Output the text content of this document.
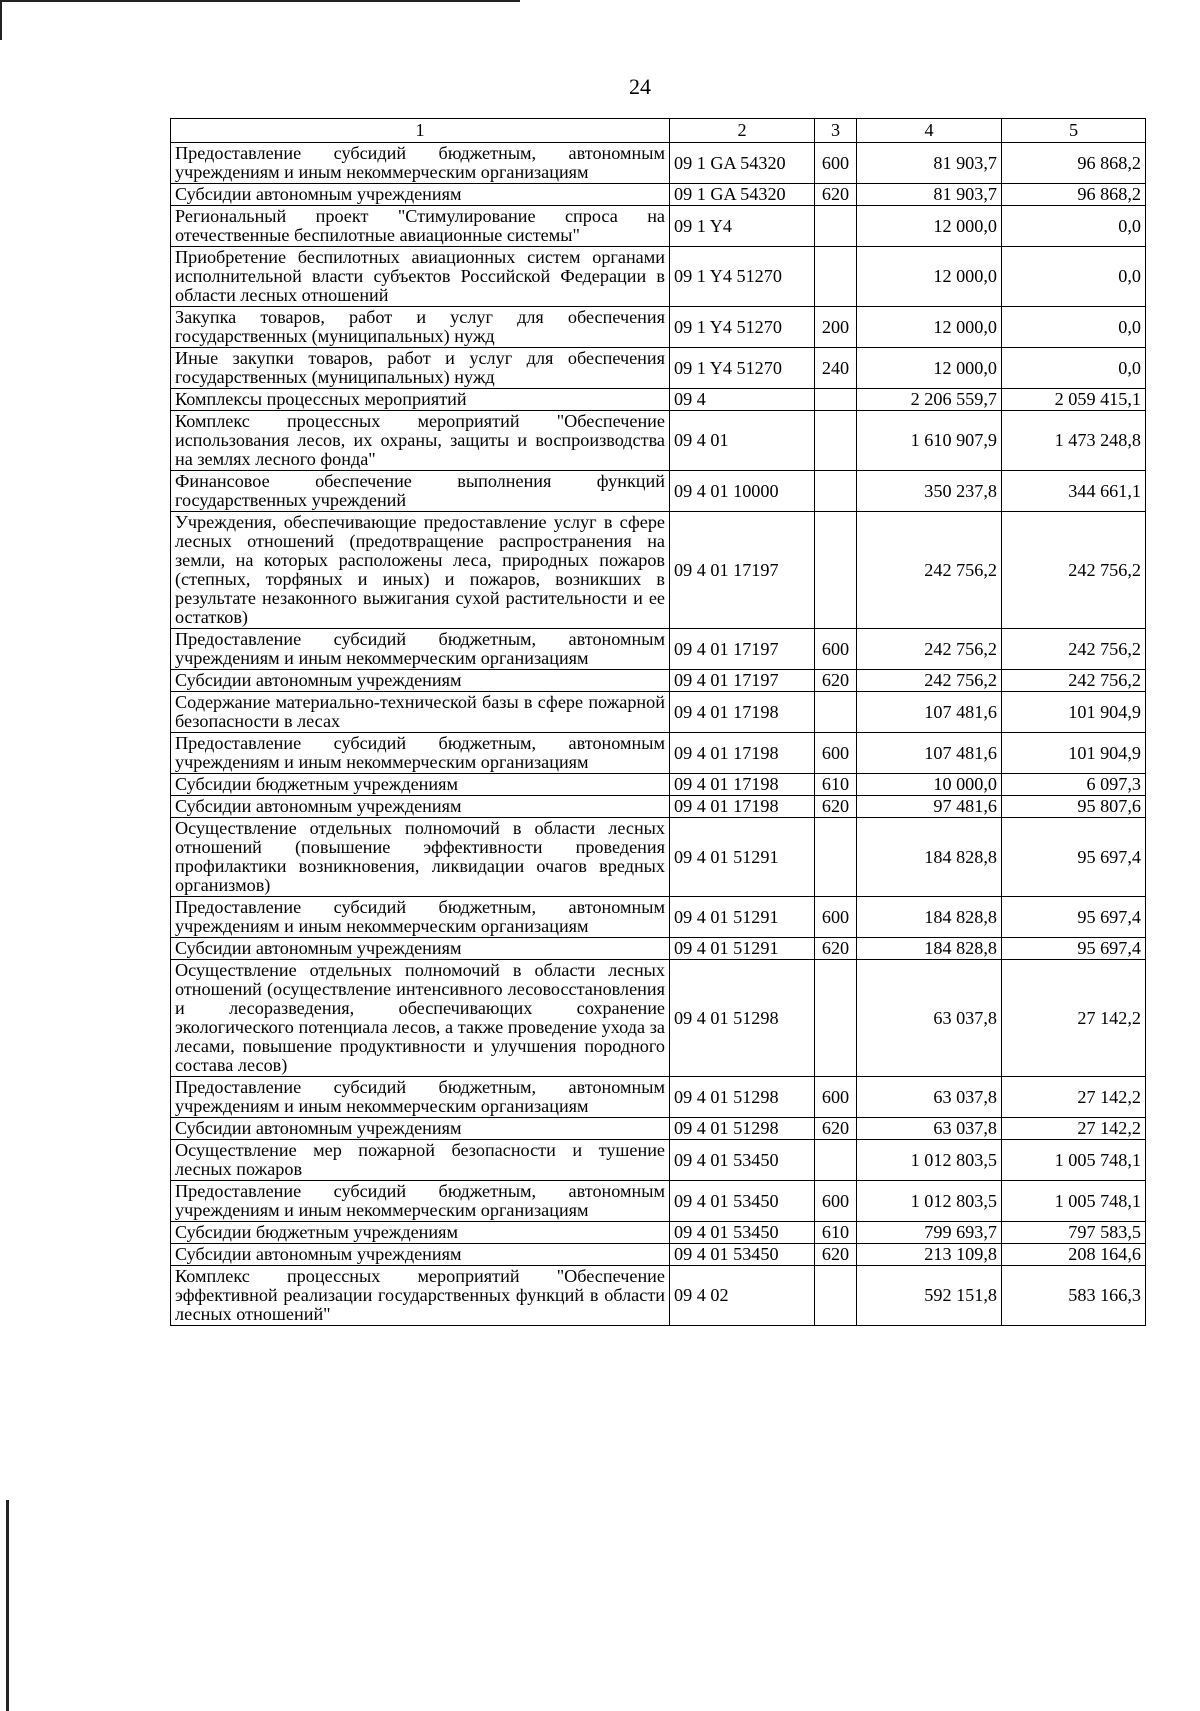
24
1	2	3	4	5
Предоставление субсидий бюджетным, автономным учреждениям и иным некоммерческим организациям	09 1 GA 54320	600	81 903,7	96 868,2
Субсидии автономным учреждениям	09 1 GA 54320	620	81 903,7	96 868,2
Региональный проект "Стимулирование спроса на отечественные беспилотные авиационные системы"	09 1 Y4		12 000,0	0,0
Приобретение беспилотных авиационных систем органами исполнительной власти субъектов Российской Федерации в области лесных отношений	09 1 Y4 51270		12 000,0	0,0
Закупка товаров, работ и услуг для обеспечения государственных (муниципальных) нужд	09 1 Y4 51270	200	12 000,0	0,0
Иные закупки товаров, работ и услуг для обеспечения государственных (муниципальных) нужд	09 1 Y4 51270	240	12 000,0	0,0
Комплексы процессных мероприятий	09 4		2 206 559,7	2 059 415,1
Комплекс процессных мероприятий "Обеспечение использования лесов, их охраны, защиты и воспроизводства на землях лесного фонда"	09 4 01		1 610 907,9	1 473 248,8
Финансовое обеспечение выполнения функций государственных учреждений	09 4 01 10000		350 237,8	344 661,1
Учреждения, обеспечивающие предоставление услуг в сфере лесных отношений (предотвращение распространения на земли, на которых расположены леса, природных пожаров (степных, торфяных и иных) и пожаров, возникших в результате незаконного выжигания сухой растительности и ее остатков)	09 4 01 17197		242 756,2	242 756,2
Предоставление субсидий бюджетным, автономным учреждениям и иным некоммерческим организациям	09 4 01 17197	600	242 756,2	242 756,2
Субсидии автономным учреждениям	09 4 01 17197	620	242 756,2	242 756,2
Содержание материально-технической базы в сфере пожарной безопасности в лесах	09 4 01 17198		107 481,6	101 904,9
Предоставление субсидий бюджетным, автономным учреждениям и иным некоммерческим организациям	09 4 01 17198	600	107 481,6	101 904,9
Субсидии бюджетным учреждениям	09 4 01 17198	610	10 000,0	6 097,3
Субсидии автономным учреждениям	09 4 01 17198	620	97 481,6	95 807,6
Осуществление отдельных полномочий в области лесных отношений (повышение эффективности проведения профилактики возникновения, ликвидации очагов вредных организмов)	09 4 01 51291		184 828,8	95 697,4
Предоставление субсидий бюджетным, автономным учреждениям и иным некоммерческим организациям	09 4 01 51291	600	184 828,8	95 697,4
Субсидии автономным учреждениям	09 4 01 51291	620	184 828,8	95 697,4
Осуществление отдельных полномочий в области лесных отношений (осуществление интенсивного лесовосстановления и лесоразведения, обеспечивающих сохранение экологического потенциала лесов, а также проведение ухода за лесами, повышение продуктивности и улучшения породного состава лесов)	09 4 01 51298		63 037,8	27 142,2
Предоставление субсидий бюджетным, автономным учреждениям и иным некоммерческим организациям	09 4 01 51298	600	63 037,8	27 142,2
Субсидии автономным учреждениям	09 4 01 51298	620	63 037,8	27 142,2
Осуществление мер пожарной безопасности и тушение лесных пожаров	09 4 01 53450		1 012 803,5	1 005 748,1
Предоставление субсидий бюджетным, автономным учреждениям и иным некоммерческим организациям	09 4 01 53450	600	1 012 803,5	1 005 748,1
Субсидии бюджетным учреждениям	09 4 01 53450	610	799 693,7	797 583,5
Субсидии автономным учреждениям	09 4 01 53450	620	213 109,8	208 164,6
Комплекс процессных мероприятий "Обеспечение эффективной реализации государственных функций в области лесных отношений"	09 4 02		592 151,8	583 166,3
